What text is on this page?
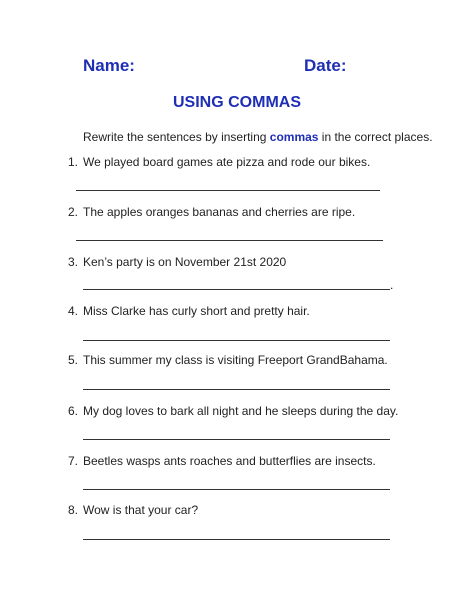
Name:	Date:
USING COMMAS
Rewrite the sentences by inserting commas in the correct places.
1. We played board games ate pizza and rode our bikes.
2. The apples oranges bananas and cherries are ripe.
3. Ken’s party is on November 21st 2020
.
4. Miss Clarke has curly short and pretty hair.
5. This summer my class is visiting Freeport GrandBahama.
6. My dog loves to bark all night and he sleeps during the day.
7. Beetles wasps ants roaches and butterflies are insects.
8. Wow is that your car?
